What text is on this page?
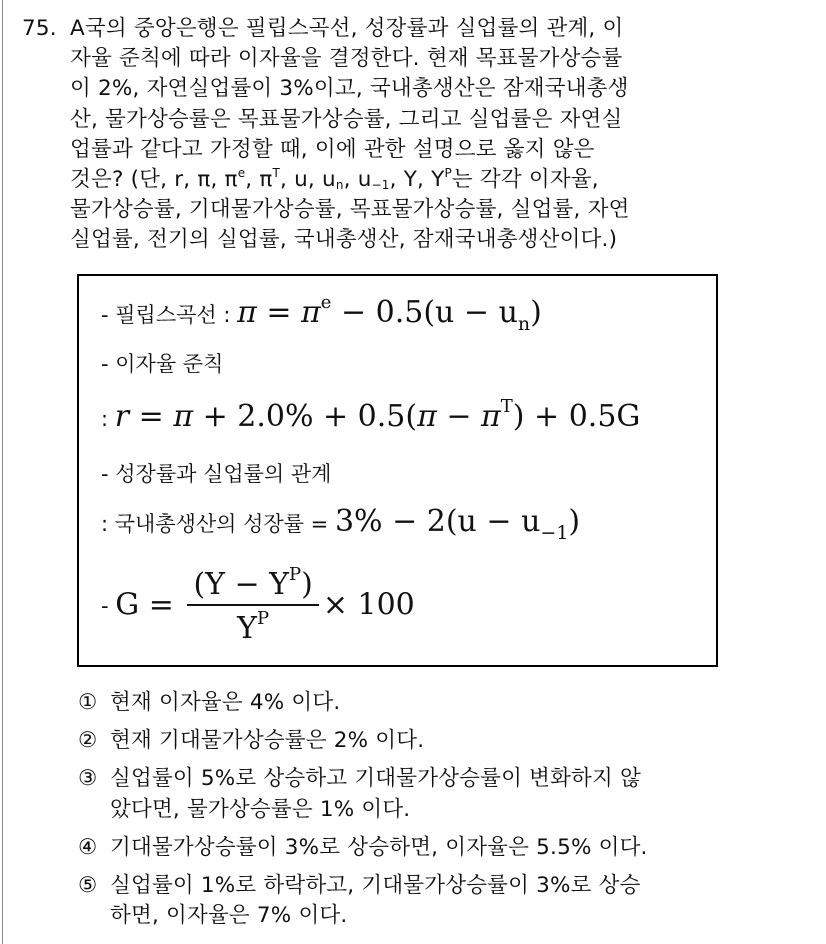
75. A국의 중앙은행은 필립스곡선, 성장률과 실업률의 관계, 이
자율 준칙에 따라 이자율을 결정한다. 현재 목표물가상승률
이 2%, 자연실업률이 3%이고, 국내총생산은 잠재국내총생
산, 물가상승률은 목표물가상승률, 그리고 실업률은 자연실
업률과 같다고 가정할 때, 이에 관한 설명으로 옳지 않은
것은? (단, r, π, $\pi^e$, $\pi^T$, u, $u_n$, $u_{-1}$, Y, $Y^P$는 각각 이자율,
물가상승률, 기대물가상승률, 목표물가상승률, 실업률, 자연
실업률, 전기의 실업률, 국내총생산, 잠재국내총생산이다.)
- 필립스곡선 : $\pi = \pi^e - 0.5(u - u_n)$
- 이자율 준칙
: $r = \pi + 2.0\% + 0.5(\pi - \pi^T) + 0.5G$
- 성장률과 실업률의 관계
: 국내총생산의 성장률 = $3\% - 2(u - u_{-1})$
- $G = \frac{(Y - Y^P)}{Y^P} \times 100$
① 현재 이자율은 4% 이다.
② 현재 기대물가상승률은 2% 이다.
③ 실업률이 5%로 상승하고 기대물가상승률이 변화하지 않
았다면, 물가상승률은 1% 이다.
④ 기대물가상승률이 3%로 상승하면, 이자율은 5.5% 이다.
⑤ 실업률이 1%로 하락하고, 기대물가상승률이 3%로 상승
하면, 이자율은 7% 이다.
